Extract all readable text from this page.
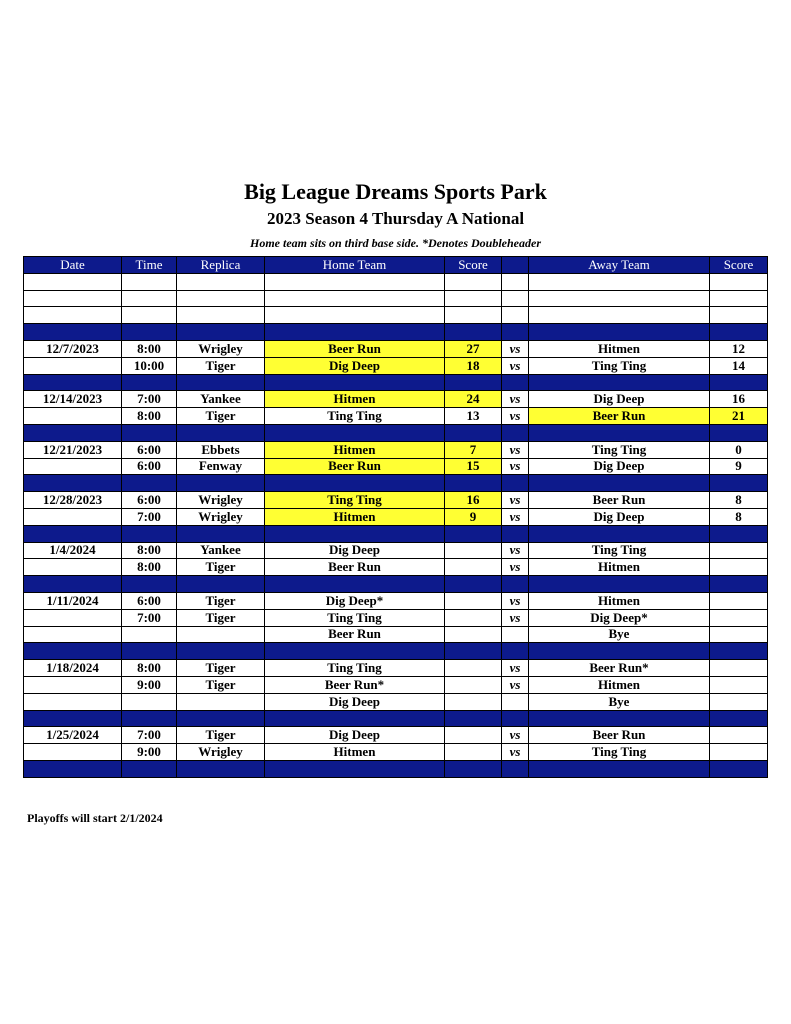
Big League Dreams Sports Park
2023 Season 4 Thursday A National
Home team sits on third base side. *Denotes Doubleheader
Date	Time	Replica	Home Team	Score		Away Team	Score

12/7/2023	8:00	Wrigley	Beer Run	27	vs	Hitmen	12
	10:00	Tiger	Dig Deep	18	vs	Ting Ting	14

12/14/2023	7:00	Yankee	Hitmen	24	vs	Dig Deep	16
	8:00	Tiger	Ting Ting	13	vs	Beer Run	21

12/21/2023	6:00	Ebbets	Hitmen	7	vs	Ting Ting	0
	6:00	Fenway	Beer Run	15	vs	Dig Deep	9

12/28/2023	6:00	Wrigley	Ting Ting	16	vs	Beer Run	8
	7:00	Wrigley	Hitmen	9	vs	Dig Deep	8

1/4/2024	8:00	Yankee	Dig Deep		vs	Ting Ting	
	8:00	Tiger	Beer Run		vs	Hitmen	

1/11/2024	6:00	Tiger	Dig Deep*		vs	Hitmen	
	7:00	Tiger	Ting Ting		vs	Dig Deep*	
			Beer Run			Bye	

1/18/2024	8:00	Tiger	Ting Ting		vs	Beer Run*	
	9:00	Tiger	Beer Run*		vs	Hitmen	
			Dig Deep			Bye	

1/25/2024	7:00	Tiger	Dig Deep		vs	Beer Run	
	9:00	Wrigley	Hitmen		vs	Ting Ting	

Playoffs will start 2/1/2024
